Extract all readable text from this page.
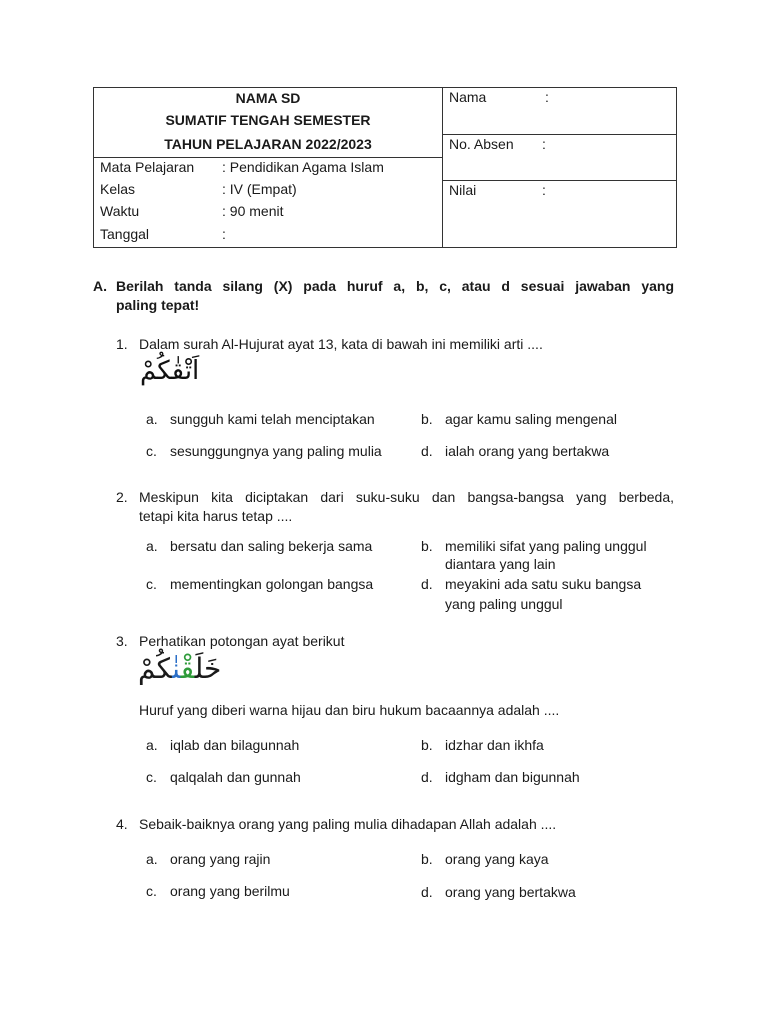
NAMA SD
SUMATIF TENGAH SEMESTER
TAHUN PELAJARAN 2022/2023
Mata Pelajaran : Pendidikan Agama Islam
Kelas	: IV (Empat)
Waktu	: 90 menit
Tanggal	:
Nama	:
No. Absen :
Nilai	:
A. Berilah tanda silang (X) pada huruf a, b, c, atau d sesuai jawaban yang
paling tepat!
1. Dalam surah Al-Hujurat ayat 13, kata di bawah ini memiliki arti ....
اَتْقٰكُمْ
a. sungguh kami telah menciptakan	b. agar kamu saling mengenal
c. sesunggungnya yang paling mulia	d. ialah orang yang bertakwa
2. Meskipun kita diciptakan dari suku-suku dan bangsa-bangsa yang berbeda,
tetapi kita harus tetap ....
a. bersatu dan saling bekerja sama	b. memiliki sifat yang paling unggul
diantara yang lain
c. mementingkan golongan bangsa	d. meyakini ada satu suku bangsa
yang paling unggul
3. Perhatikan potongan ayat berikut
خَلَقْنٰكُمْ
Huruf yang diberi warna hijau dan biru hukum bacaannya adalah ....
a. iqlab dan bilagunnah	b. idzhar dan ikhfa
c. qalqalah dan gunnah	d. idgham dan bigunnah
4. Sebaik-baiknya orang yang paling mulia dihadapan Allah adalah ....
a. orang yang rajin	b. orang yang kaya
c. orang yang berilmu	d. orang yang bertakwa
